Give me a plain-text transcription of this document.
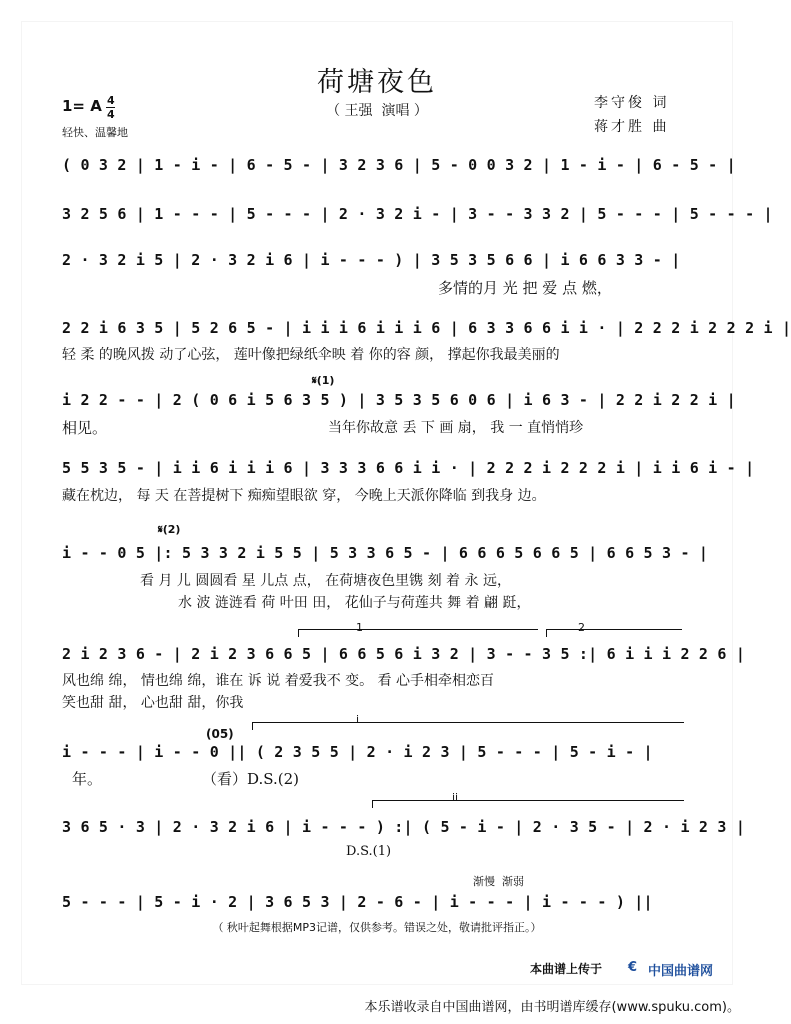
荷塘夜色
（ 王强  演唱 ）
1= A 4
4
轻快、温馨地
李守俊 词
蒋才胜 曲
( 0 3 2 | 1 - i - | 6 - 5 - | 3 2 3 6 | 5 - 0 0 3 2 | 1 - i - | 6 - 5 - |
3 2 5 6 | 1 - - - | 5 - - - | 2 · 3 2 i - | 3 - - 3 3 2 | 5 - - - | 5 - - - |
2 · 3 2 i 5 | 2 · 3 2 i 6 | i - - - ) | 3 5 3 5 6 6 | i 6 6 3 3 - |
多情的月 光 把 爱 点 燃，
2 2 i 6 3 5 | 5 2 6 5 - | i i i 6 i i i 6 | 6 3 3 6 6 i i · | 2 2 2 i 2 2 2 i |
轻 柔 的晚风拨 动了心弦， 莲叶像把绿纸伞映 着 你的容 颜， 撑起你我最美丽的
𝄋(1)
i 2 2 - - | 2 ( 0 6 i 5 6 3 5 ) | 3 5 3 5 6 0 6 | i 6 3 - | 2 2 i 2 2 i |
相见。	当年你故意 丢 下 画 扇， 我 一 直悄悄珍
5 5 3 5 - | i i 6 i i i 6 | 3 3 3 6 6 i i · | 2 2 2 i 2 2 2 i | i i 6 i - |
藏在枕边， 每 天 在菩提树下 痴痴望眼欲 穿， 今晚上天派你降临 到我身 边。
𝄋(2)
i - - 0 5 |: 5 3 3 2 i 5 5 | 5 3 3 6 5 - | 6 6 6 5 6 6 5 | 6 6 5 3 - |
看 月 儿 圆圆看 星 儿点 点， 在荷塘夜色里镌 刻 着 永 远，
水 波 涟涟看 荷 叶田 田， 花仙子与荷莲共 舞 着 翩 跹，
1	2
2 i 2 3 6 - | 2 i 2 3 6 6 5 | 6 6 5 6 i 3 2 | 3 - - 3 5 :| 6 i i i 2 2 6 |
风也绵 绵， 情也绵 绵，谁在 诉 说 着爱我不 变。 看 心手相牵相恋百
笑也甜 甜， 心也甜 甜，你我
(05)
i
i - - - | i - - 0 || ( 2 3 5 5 | 2 · i 2 3 | 5 - - - | 5 - i - |
年。	（看）D.S.(2)
ii
3 6 5 · 3 | 2 · 3 2 i 6 | i - - - ) :| ( 5 - i - | 2 · 3 5 - | 2 · i 2 3 |
D.S.(1)
渐慢  渐弱
5 - - - | 5 - i · 2 | 3 6 5 3 | 2 - 6 - | i - - - | i - - - ) ||
（ 秋叶起舞根据MP3记谱，仅供参考。错误之处，敬请批评指正。）
本曲谱上传于 € 中国曲谱网
本乐谱收录自中国曲谱网，由书明谱库缓存(www.spuku.com)。
